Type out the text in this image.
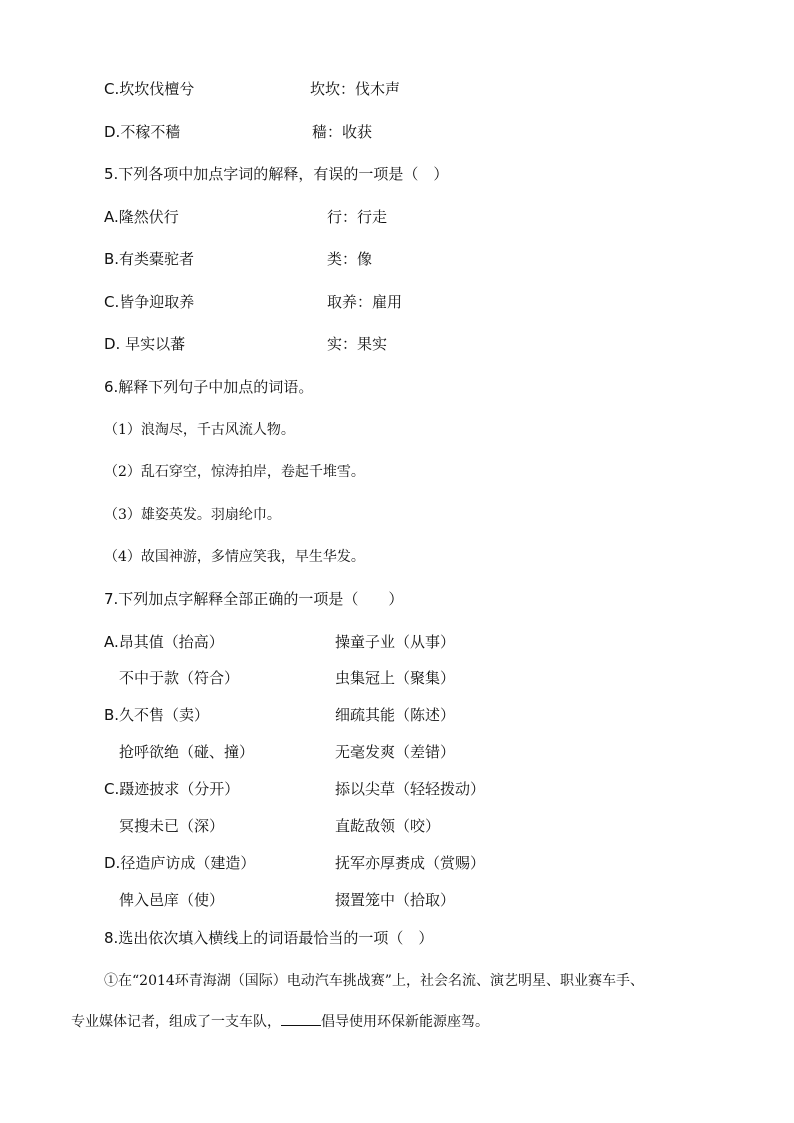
C.坎坎伐檀兮	坎坎：伐木声
D.不稼不穑	穑：收获
5.下列各项中加点字词的解释，有误的一项是（　）
A.隆然伏行	行：行走
B.有类橐驼者	类：像
C.皆争迎取养	取养：雇用
D. 早实以蕃	实：果实
6.解释下列句子中加点的词语。
（1）浪淘尽，千古风流人物。
（2）乱石穿空，惊涛拍岸，卷起千堆雪。
（3）雄姿英发。羽扇纶巾。
（4）故国神游，多情应笑我，早生华发。
7.下列加点字解释全部正确的一项是（　　）
A.昂其值（抬高）	操童子业（从事）
不中于款（符合）	虫集冠上（聚集）
B.久不售（卖）	细疏其能（陈述）
抢呼欲绝（碰、撞）	无毫发爽（差错）
C.蹑迹披求（分开）	掭以尖草（轻轻拨动）
冥搜未已（深）	直龁敌领（咬）
D.径造庐访成（建造）	抚军亦厚赉成（赏赐）
俾入邑庠（使）	掇置笼中（拾取）
8.选出依次填入横线上的词语最恰当的一项（　）
①在“2014环青海湖（国际）电动汽车挑战赛”上，社会名流、演艺明星、职业赛车手、
专业媒体记者，组成了一支车队，	倡导使用环保新能源座驾。
